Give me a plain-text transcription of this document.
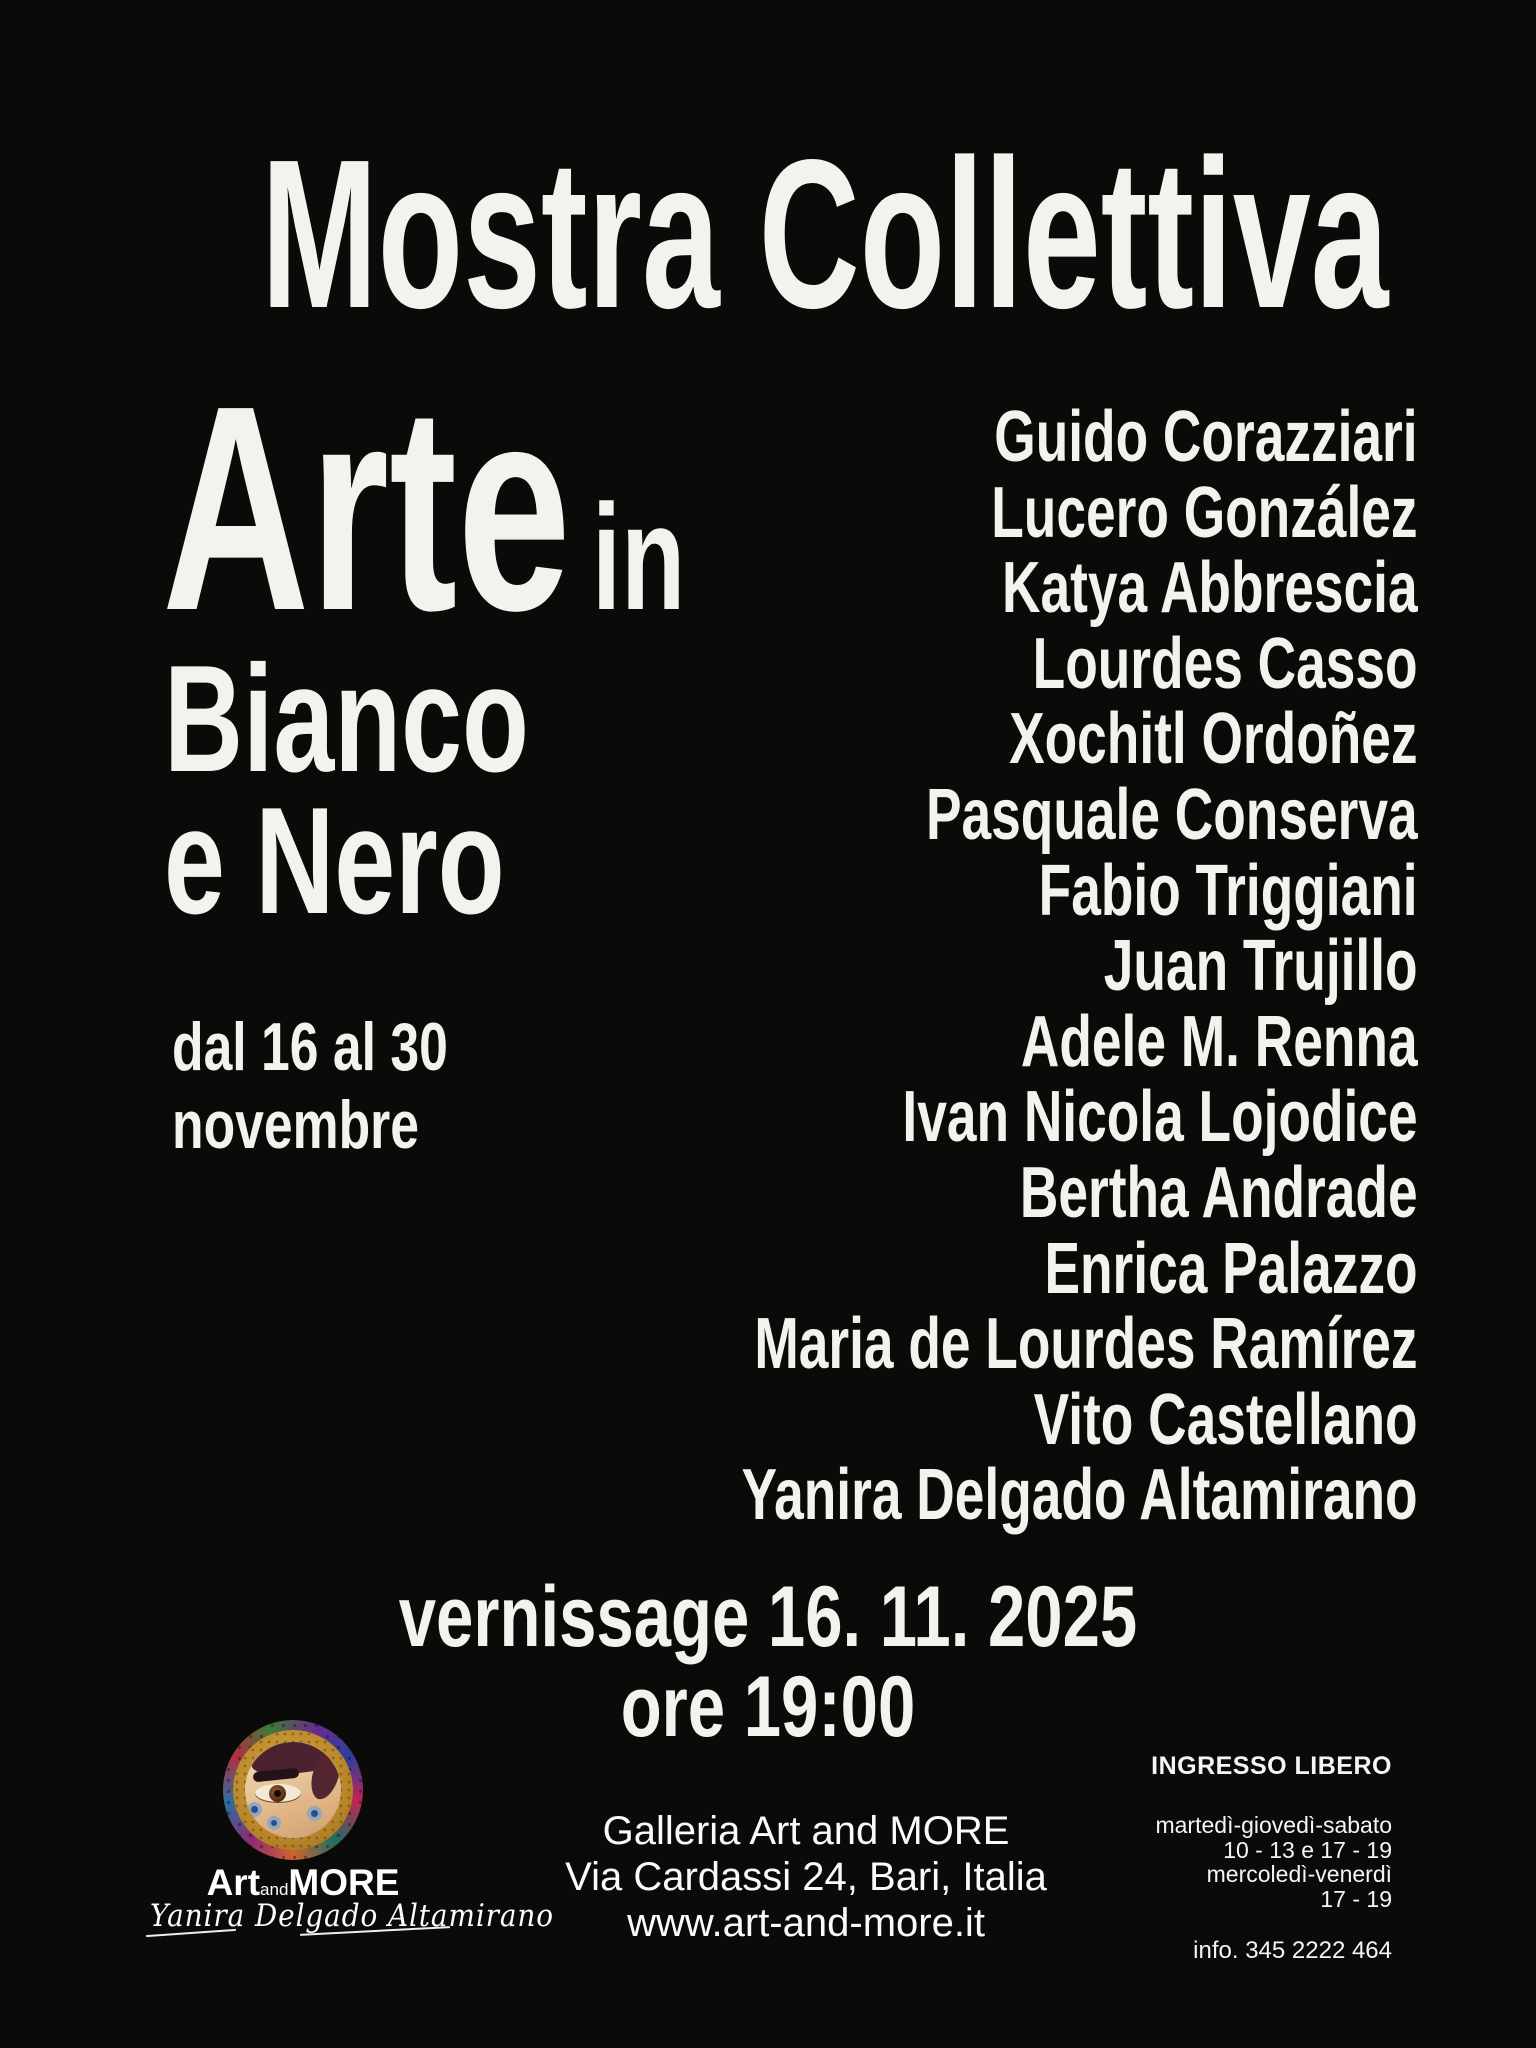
Mostra Collettiva
Arte in
Bianco
e Nero
dal 16 al 30
novembre
Guido Corazziari
Lucero González
Katya Abbrescia
Lourdes Casso
Xochitl Ordoñez
Pasquale Conserva
Fabio Triggiani
Juan Trujillo
Adele M. Renna
Ivan Nicola Lojodice
Bertha Andrade
Enrica Palazzo
Maria de Lourdes Ramírez
Vito Castellano
Yanira Delgado Altamirano
vernissage 16. 11. 2025
ore 19:00
ArtandMORE
Yanira Delgado Altamirano
Galleria Art and MORE
Via Cardassi 24, Bari, Italia
www.art-and-more.it
INGRESSO LIBERO
martedì-giovedì-sabato
10 - 13 e 17 - 19
mercoledì-venerdì
17 - 19
info. 345 2222 464
